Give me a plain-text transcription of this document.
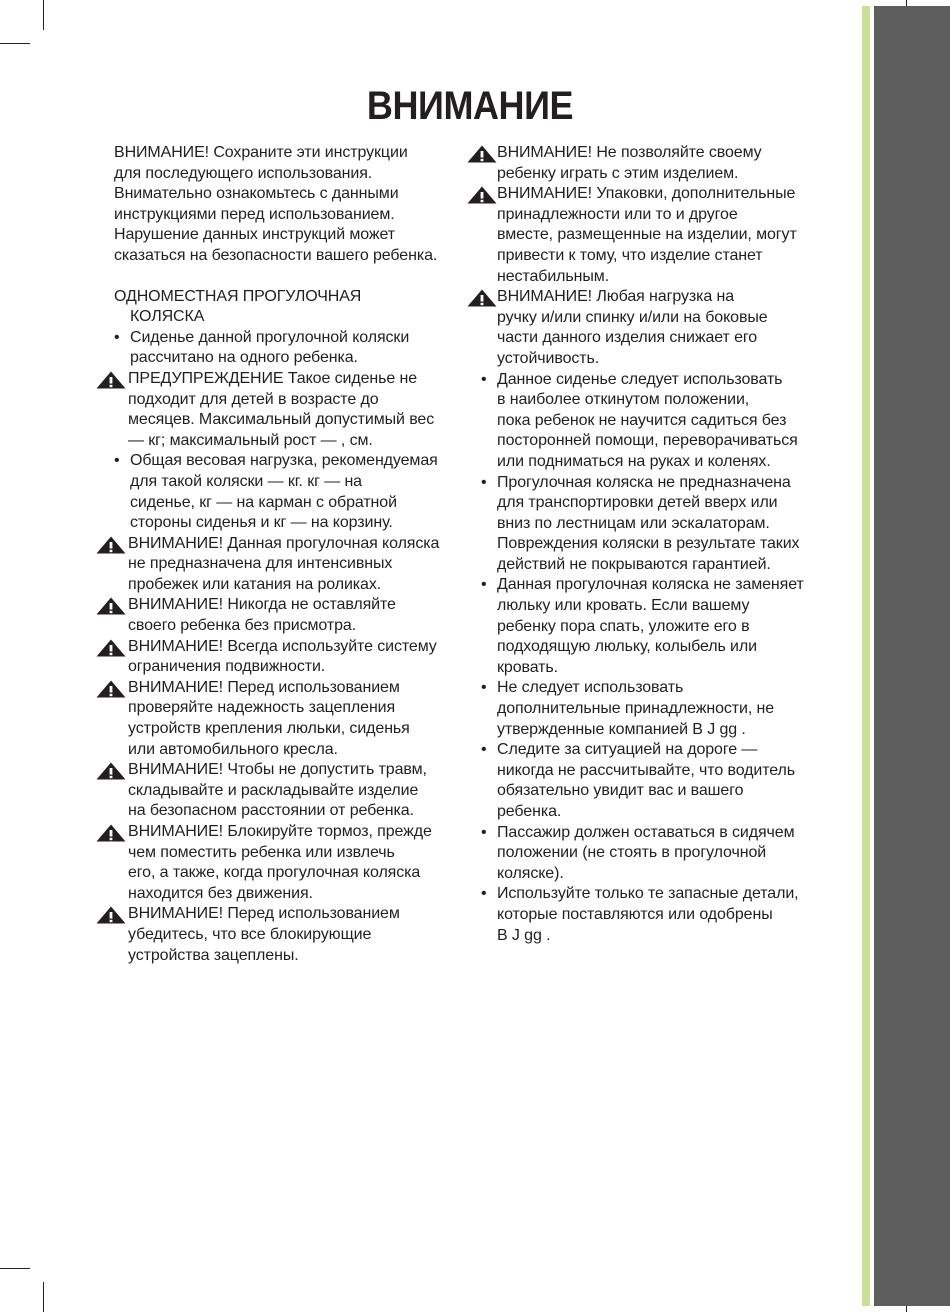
ВНИМАНИЕ
ВНИМАНИЕ! Сохраните эти инструкции
для последующего использования.
Внимательно ознакомьтесь с данными
инструкциями перед использованием.
Нарушение данных инструкций может
сказаться на безопасности вашего ребенка.
ОДНОМЕСТНАЯ ПРОГУЛОЧНАЯ
КОЛЯСКА
• Сиденье данной прогулочной коляски
рассчитано на одного ребенка.
ПРЕДУПРЕЖДЕНИЕ Такое сиденье не
подходит для детей в возрасте до
месяцев. Максимальный допустимый вес
— кг; максимальный рост — , см.
• Общая весовая нагрузка, рекомендуемая
для такой коляски — кг. кг — на
сиденье, кг — на карман с обратной
стороны сиденья и кг — на корзину.
ВНИМАНИЕ! Данная прогулочная коляска
не предназначена для интенсивных
пробежек или катания на роликах.
ВНИМАНИЕ! Никогда не оставляйте
своего ребенка без присмотра.
ВНИМАНИЕ! Всегда используйте систему
ограничения подвижности.
ВНИМАНИЕ! Перед использованием
проверяйте надежность зацепления
устройств крепления люльки, сиденья
или автомобильного кресла.
ВНИМАНИЕ! Чтобы не допустить травм,
складывайте и раскладывайте изделие
на безопасном расстоянии от ребенка.
ВНИМАНИЕ! Блокируйте тормоз, прежде
чем поместить ребенка или извлечь
его, а также, когда прогулочная коляска
находится без движения.
ВНИМАНИЕ! Перед использованием
убедитесь, что все блокирующие
устройства зацеплены.
ВНИМАНИЕ! Не позволяйте своему
ребенку играть с этим изделием.
ВНИМАНИЕ! Упаковки, дополнительные
принадлежности или то и другое
вместе, размещенные на изделии, могут
привести к тому, что изделие станет
нестабильным.
ВНИМАНИЕ! Любая нагрузка на
ручку и/или спинку и/или на боковые
части данного изделия снижает его
устойчивость.
• Данное сиденье следует использовать
в наиболее откинутом положении,
пока ребенок не научится садиться без
посторонней помощи, переворачиваться
или подниматься на руках и коленях.
• Прогулочная коляска не предназначена
для транспортировки детей вверх или
вниз по лестницам или эскалаторам.
Повреждения коляски в результате таких
действий не покрываются гарантией.
• Данная прогулочная коляска не заменяет
люльку или кровать. Если вашему
ребенку пора спать, уложите его в
подходящую люльку, колыбель или
кровать.
• Не следует использовать
дополнительные принадлежности, не
утвержденные компанией B J gg .
• Следите за ситуацией на дороге —
никогда не рассчитывайте, что водитель
обязательно увидит вас и вашего
ребенка.
• Пассажир должен оставаться в сидячем
положении (не стоять в прогулочной
коляске).
• Используйте только те запасные детали,
которые поставляются или одобрены
B J gg .
